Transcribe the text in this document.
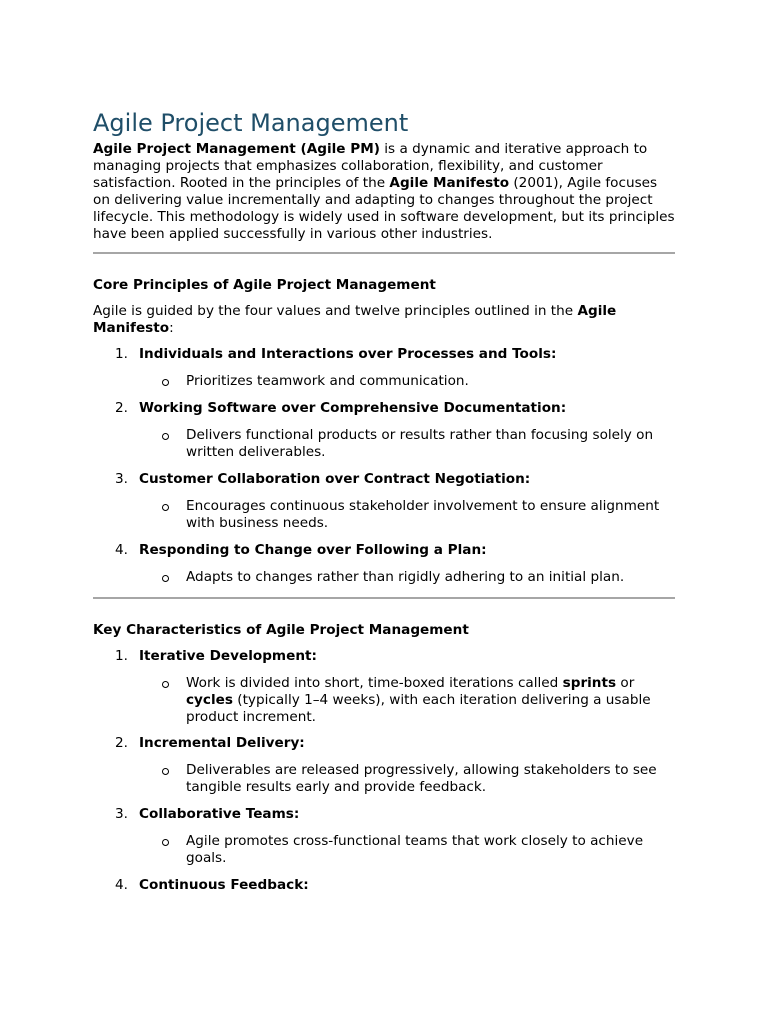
Agile Project Management

Agile Project Management (Agile PM) is a dynamic and iterative approach to managing projects that emphasizes collaboration, flexibility, and customer satisfaction. Rooted in the principles of the Agile Manifesto (2001), Agile focuses on delivering value incrementally and adapting to changes throughout the project lifecycle. This methodology is widely used in software development, but its principles have been applied successfully in various other industries.

Core Principles of Agile Project Management

Agile is guided by the four values and twelve principles outlined in the Agile Manifesto:

1. Individuals and Interactions over Processes and Tools:
Prioritizes teamwork and communication.
2. Working Software over Comprehensive Documentation:
Delivers functional products or results rather than focusing solely on written deliverables.
3. Customer Collaboration over Contract Negotiation:
Encourages continuous stakeholder involvement to ensure alignment with business needs.
4. Responding to Change over Following a Plan:
Adapts to changes rather than rigidly adhering to an initial plan.
Key Characteristics of Agile Project Management
1. Iterative Development:
Work is divided into short, time-boxed iterations called sprints or cycles (typically 1–4 weeks), with each iteration delivering a usable product increment.
2. Incremental Delivery:
Deliverables are released progressively, allowing stakeholders to see tangible results early and provide feedback.
3. Collaborative Teams:
Agile promotes cross-functional teams that work closely to achieve goals.
4. Continuous Feedback:
